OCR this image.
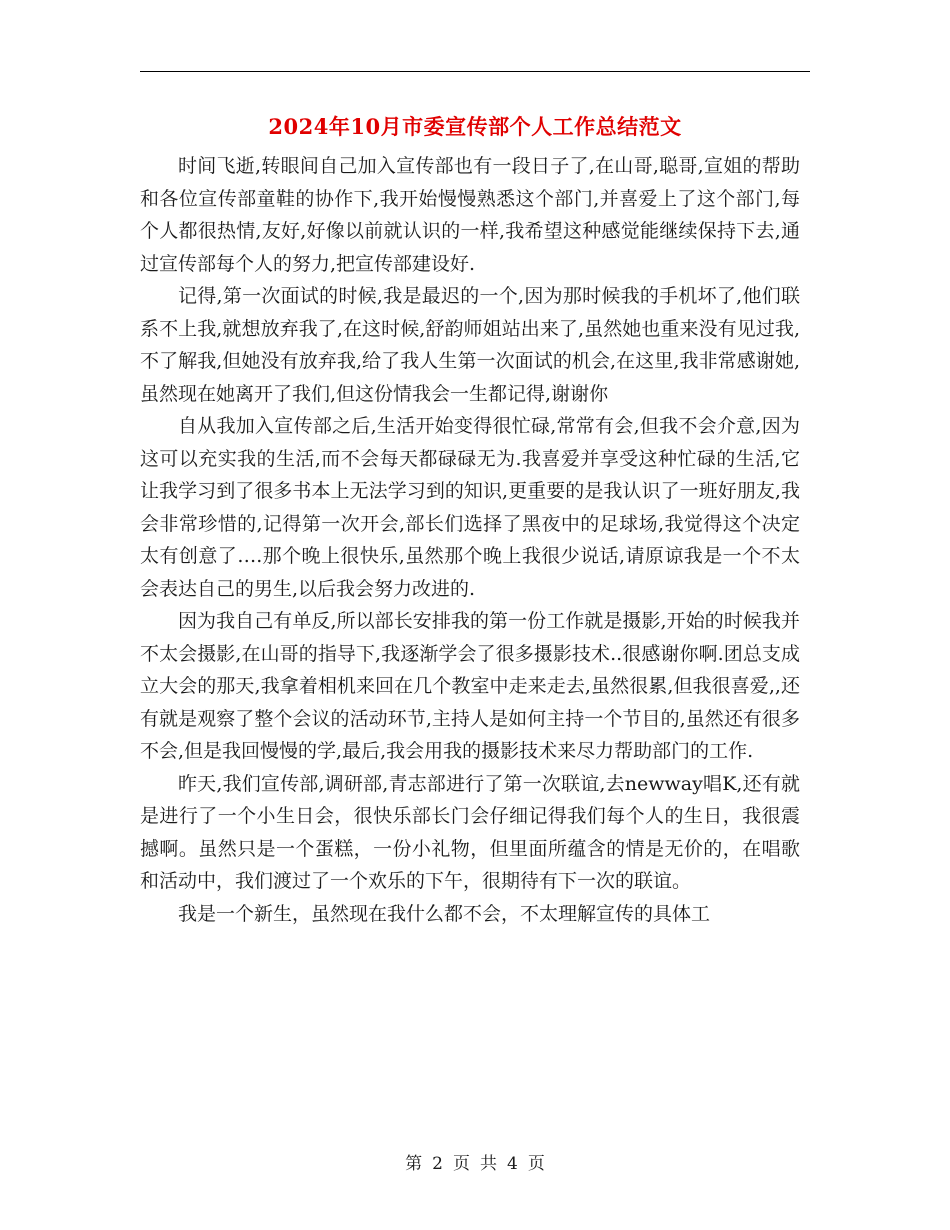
2024年10月市委宣传部个人工作总结范文

时间飞逝,转眼间自己加入宣传部也有一段日子了,在山哥,聪哥,宣姐的帮助和各位宣传部童鞋的协作下,我开始慢慢熟悉这个部门,并喜爱上了这个部门,每个人都很热情,友好,好像以前就认识的一样,我希望这种感觉能继续保持下去,通过宣传部每个人的努力,把宣传部建设好.

记得,第一次面试的时候,我是最迟的一个,因为那时候我的手机坏了,他们联系不上我,就想放弃我了,在这时候,舒韵师姐站出来了,虽然她也重来没有见过我,不了解我,但她没有放弃我,给了我人生第一次面试的机会,在这里,我非常感谢她,虽然现在她离开了我们,但这份情我会一生都记得,谢谢你

自从我加入宣传部之后,生活开始变得很忙碌,常常有会,但我不会介意,因为这可以充实我的生活,而不会每天都碌碌无为.我喜爱并享受这种忙碌的生活,它让我学习到了很多书本上无法学习到的知识,更重要的是我认识了一班好朋友,我会非常珍惜的,记得第一次开会,部长们选择了黑夜中的足球场,我觉得这个决定太有创意了….那个晚上很快乐,虽然那个晚上我很少说话,请原谅我是一个不太会表达自己的男生,以后我会努力改进的.

因为我自己有单反,所以部长安排我的第一份工作就是摄影,开始的时候我并不太会摄影,在山哥的指导下,我逐渐学会了很多摄影技术..很感谢你啊.团总支成立大会的那天,我拿着相机来回在几个教室中走来走去,虽然很累,但我很喜爱,,还有就是观察了整个会议的活动环节,主持人是如何主持一个节目的,虽然还有很多不会,但是我回慢慢的学,最后,我会用我的摄影技术来尽力帮助部门的工作.

昨天,我们宣传部,调研部,青志部进行了第一次联谊,去newway唱K,还有就是进行了一个小生日会，很快乐部长门会仔细记得我们每个人的生日，我很震撼啊。虽然只是一个蛋糕，一份小礼物，但里面所蕴含的情是无价的，在唱歌和活动中，我们渡过了一个欢乐的下午，很期待有下一次的联谊。

我是一个新生，虽然现在我什么都不会，不太理解宣传的具体工

第 2 页 共 4 页
